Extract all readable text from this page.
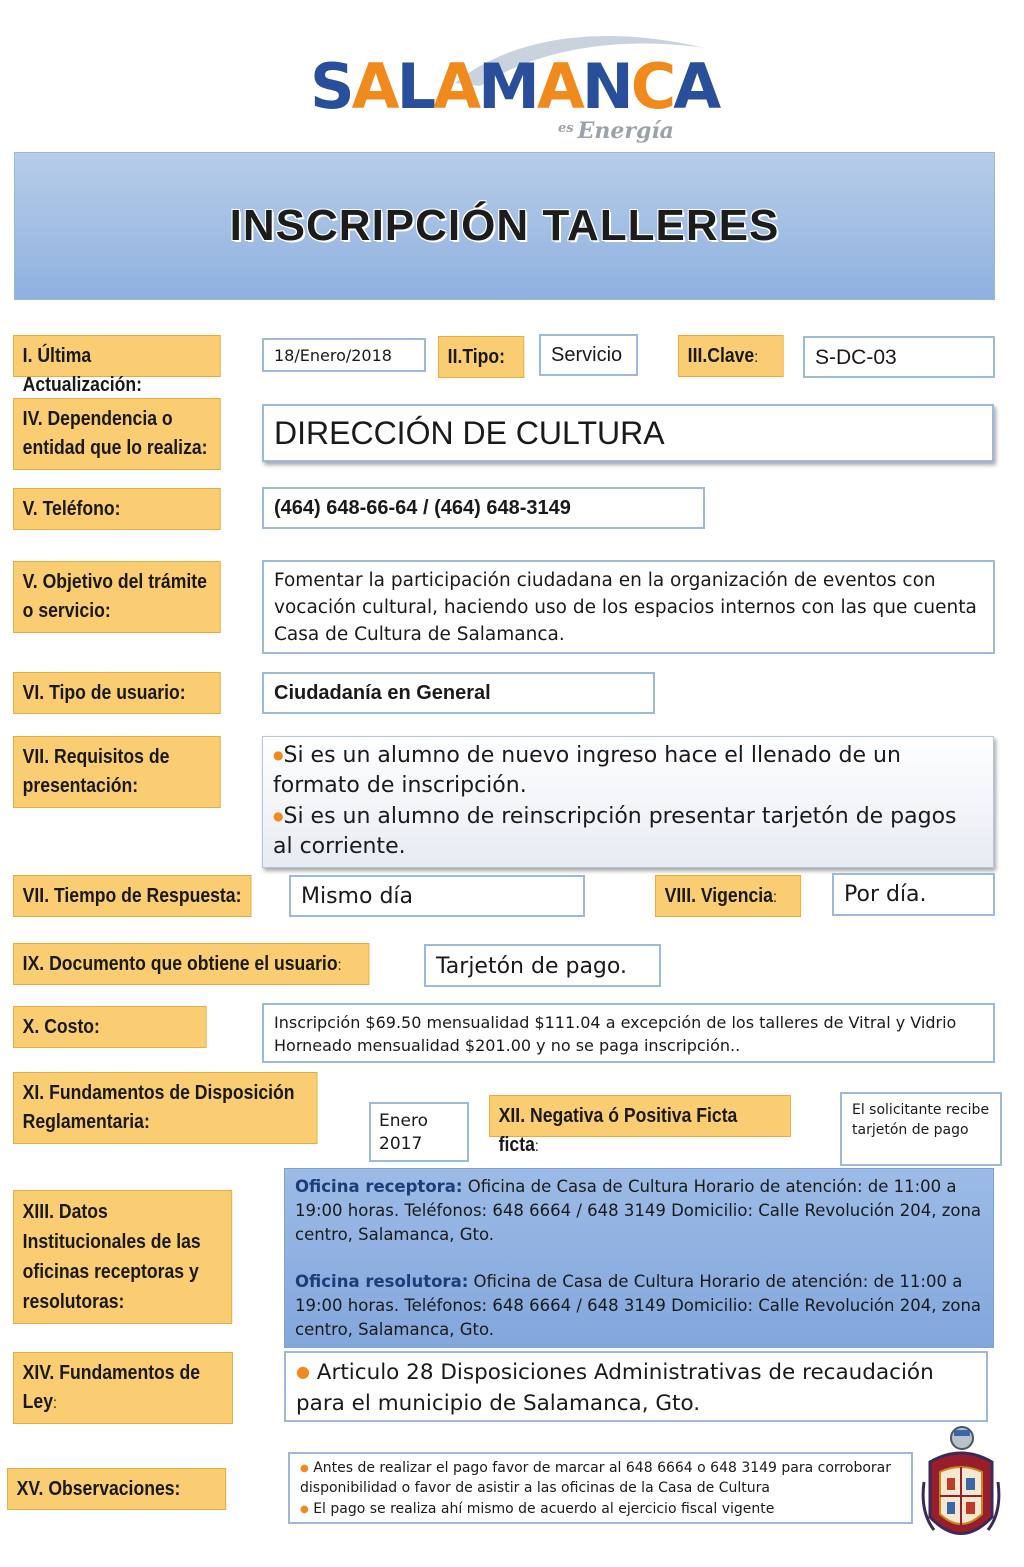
SALAMANCA
$^{es}$ Energía
INSCRIPCIÓN TALLERES
I. Última Actualización:
18/Enero/2018	II.Tipo:	Servicio	III.Clave:	S-DC-03
IV. Dependencia o entidad que lo realiza:	DIRECCIÓN DE CULTURA
V. Teléfono:	(464) 648-66-64 / (464) 648-3149
V. Objetivo del trámite o servicio:
Fomentar la participación ciudadana en la organización de eventos con vocación cultural, haciendo uso de los espacios internos con las que cuenta Casa de Cultura de Salamanca.
VI. Tipo de usuario:	Ciudadanía en General
VII. Requisitos de presentación:
●Si es un alumno de nuevo ingreso hace el llenado de un formato de inscripción.
●Si es un alumno de reinscripción presentar tarjetón de pagos al corriente.
VII. Tiempo de Respuesta:	Mismo día	VIII. Vigencia:	Por día.
IX. Documento que obtiene el usuario:	Tarjetón de pago.
X. Costo:	Inscripción $69.50 mensualidad $111.04 a excepción de los talleres de Vitral y Vidrio Horneado mensualidad $201.00 y no se paga inscripción..
XI. Fundamentos de Disposición Reglamentaria:	Enero 2017
XII. Negativa ó Positiva Ficta ficta:
El solicitante recibe tarjetón de pago
XIII. Datos Institucionales de las oficinas receptoras y resolutoras:
Oficina receptora: Oficina de Casa de Cultura Horario de atención: de 11:00 a 19:00 horas. Teléfonos: 648 6664 / 648 3149 Domicilio: Calle Revolución 204, zona centro, Salamanca, Gto.
Oficina resolutora: Oficina de Casa de Cultura Horario de atención: de 11:00 a 19:00 horas. Teléfonos: 648 6664 / 648 3149 Domicilio: Calle Revolución 204, zona centro, Salamanca, Gto.
XIV. Fundamentos de Ley:
● Articulo 28 Disposiciones Administrativas de recaudación para el municipio de Salamanca, Gto.
XV. Observaciones:
● Antes de realizar el pago favor de marcar al 648 6664 o 648 3149 para corroborar disponibilidad o favor de asistir a las oficinas de la Casa de Cultura
● El pago se realiza ahí mismo de acuerdo al ejercicio fiscal vigente
